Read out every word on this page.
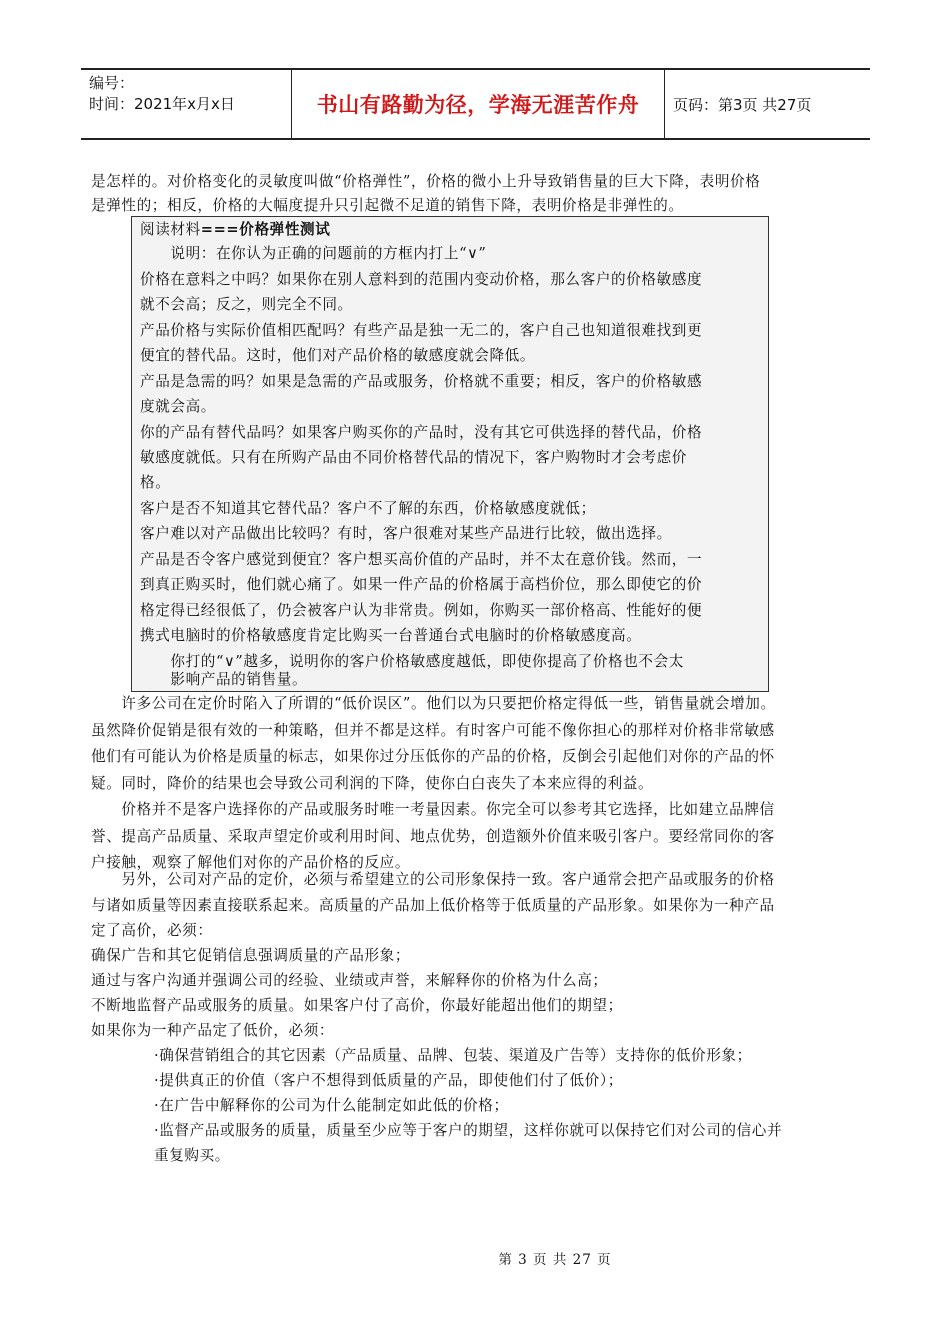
编号：
时间：2021年x月x日	书山有路勤为径，学海无涯苦作舟	页码：第3页 共27页

是怎样的。对价格变化的灵敏度叫做“价格弹性”，价格的微小上升导致销售量的巨大下降，表明价格

是弹性的；相反，价格的大幅度提升只引起微不足道的销售下降，表明价格是非弹性的。

阅读材料===价格弹性测试

　　说明：在你认为正确的问题前的方框内打上“∨”

价格在意料之中吗？如果你在别人意料到的范围内变动价格，那么客户的价格敏感度

就不会高；反之，则完全不同。

产品价格与实际价值相匹配吗？有些产品是独一无二的，客户自己也知道很难找到更

便宜的替代品。这时，他们对产品价格的敏感度就会降低。

产品是急需的吗？如果是急需的产品或服务，价格就不重要；相反，客户的价格敏感

度就会高。

你的产品有替代品吗？如果客户购买你的产品时，没有其它可供选择的替代品，价格

敏感度就低。只有在所购产品由不同价格替代品的情况下，客户购物时才会考虑价

格。

客户是否不知道其它替代品？客户不了解的东西，价格敏感度就低；

客户难以对产品做出比较吗？有时，客户很难对某些产品进行比较，做出选择。

产品是否令客户感觉到便宜？客户想买高价值的产品时，并不太在意价钱。然而，一

到真正购买时，他们就心痛了。如果一件产品的价格属于高档价位，那么即使它的价

格定得已经很低了，仍会被客户认为非常贵。例如，你购买一部价格高、性能好的便

携式电脑时的价格敏感度肯定比购买一台普通台式电脑时的价格敏感度高。

　　你打的“∨”越多，说明你的客户价格敏感度越低，即使你提高了价格也不会太

　　影响产品的销售量。

　　许多公司在定价时陷入了所谓的“低价误区”。他们以为只要把价格定得低一些，销售量就会增加。

虽然降价促销是很有效的一种策略，但并不都是这样。有时客户可能不像你担心的那样对价格非常敏感

他们有可能认为价格是质量的标志，如果你过分压低你的产品的价格，反倒会引起他们对你的产品的怀

疑。同时，降价的结果也会导致公司利润的下降，使你白白丧失了本来应得的利益。

　　价格并不是客户选择你的产品或服务时唯一考量因素。你完全可以参考其它选择，比如建立品牌信

誉、提高产品质量、采取声望定价或利用时间、地点优势，创造额外价值来吸引客户。要经常同你的客

户接触，观察了解他们对你的产品价格的反应。

　　另外，公司对产品的定价，必须与希望建立的公司形象保持一致。客户通常会把产品或服务的价格

与诸如质量等因素直接联系起来。高质量的产品加上低价格等于低质量的产品形象。如果你为一种产品

定了高价，必须：

确保广告和其它促销信息强调质量的产品形象；

通过与客户沟通并强调公司的经验、业绩或声誉，来解释你的价格为什么高；

不断地监督产品或服务的质量。如果客户付了高价，你最好能超出他们的期望；

如果你为一种产品定了低价，必须：

·确保营销组合的其它因素（产品质量、品牌、包装、渠道及广告等）支持你的低价形象；

·提供真正的价值（客户不想得到低质量的产品，即使他们付了低价）；

·在广告中解释你的公司为什么能制定如此低的价格；

·监督产品或服务的质量，质量至少应等于客户的期望，这样你就可以保持它们对公司的信心并

重复购买。

第 3 页 共 27 页
